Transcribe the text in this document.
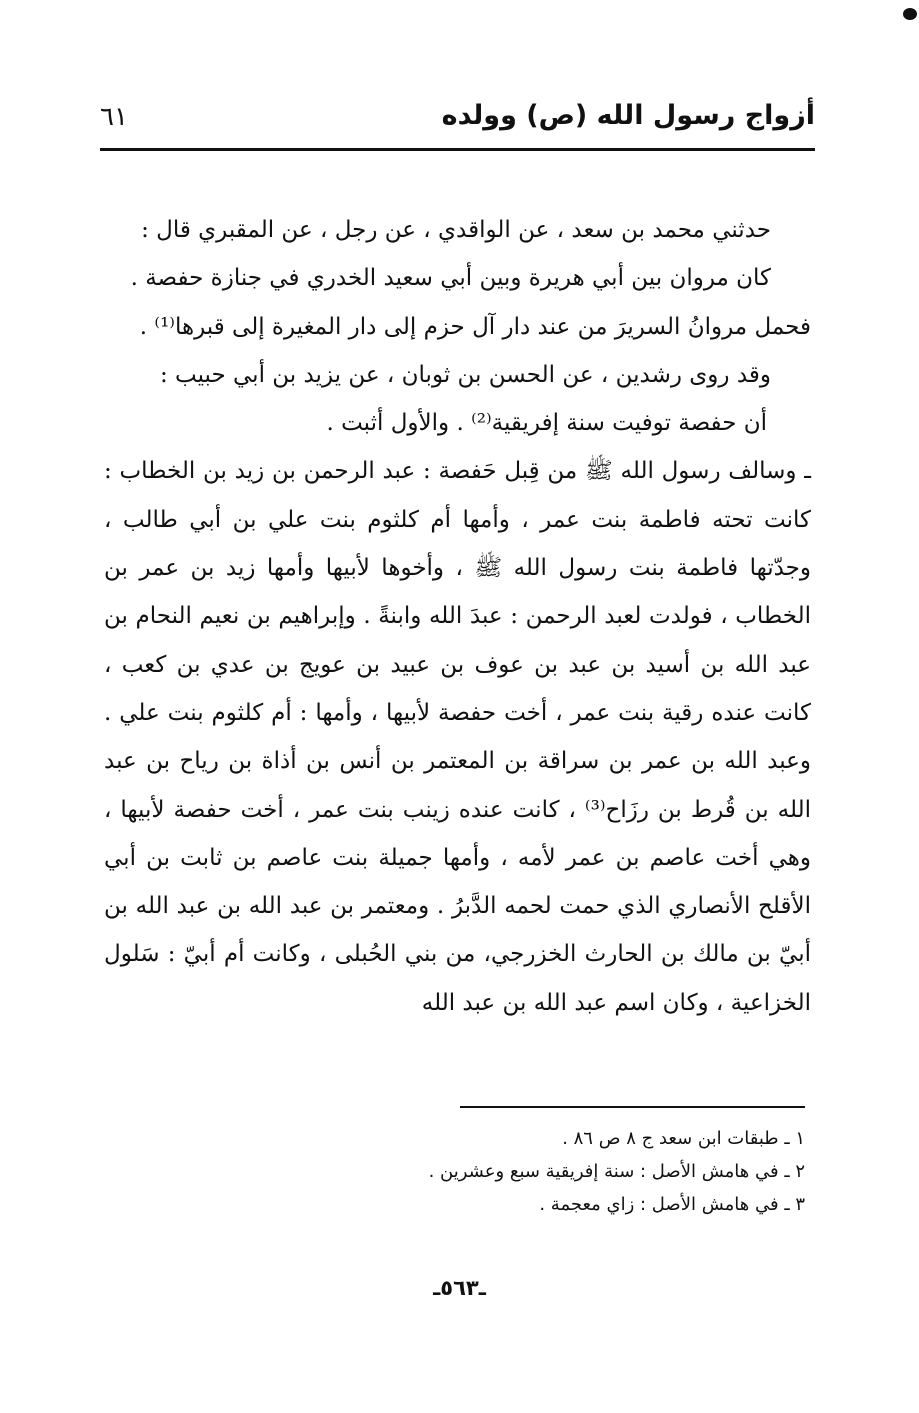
أزواج رسول الله (ص) وولده
٦١

حدثني محمد بن سعد ، عن الواقدي ، عن رجل ، عن المقبري قال :

كان مروان بين أبي هريرة وبين أبي سعيد الخدري في جنازة حفصة .

فحمل مروانُ السريرَ من عند دار آل حزم إلى دار المغيرة إلى قبرها⁽¹⁾ .

وقد روى رشدين ، عن الحسن بن ثوبان ، عن يزيد بن أبي حبيب :

أن حفصة توفيت سنة إفريقية⁽²⁾ . والأول أثبت .

ـ وسالف رسول الله ﷺ من قِبل حَفصة : عبد الرحمن بن زيد بن الخطاب : كانت تحته فاطمة بنت عمر ، وأمها أم كلثوم بنت علي بن أبي طالب ، وجدّتها فاطمة بنت رسول الله ﷺ ، وأخوها لأبيها وأمها زيد بن عمر بن الخطاب ، فولدت لعبد الرحمن : عبدَ الله وابنةً . وإبراهيم بن نعيم النحام بن عبد الله بن أسيد بن عبد بن عوف بن عبيد بن عويج بن عدي بن كعب ، كانت عنده رقية بنت عمر ، أخت حفصة لأبيها ، وأمها : أم كلثوم بنت علي . وعبد الله بن عمر بن سراقة بن المعتمر بن أنس بن أذاة بن رياح بن عبد الله بن قُرط بن رزَاح⁽³⁾ ، كانت عنده زينب بنت عمر ، أخت حفصة لأبيها ، وهي أخت عاصم بن عمر لأمه ، وأمها جميلة بنت عاصم بن ثابت بن أبي الأقلح الأنصاري الذي حمت لحمه الدَّبرُ . ومعتمر بن عبد الله بن عبد الله بن أبيّ بن مالك بن الحارث الخزرجي، من بني الحُبلى ، وكانت أم أبيّ : سَلول الخزاعية ، وكان اسم عبد الله بن عبد الله

١ ـ طبقات ابن سعد ج ٨ ص ٨٦ .
٢ ـ في هامش الأصل : سنة إفريقية سبع وعشرين .
٣ ـ في هامش الأصل : زاي معجمة .
ـ٥٦٣ـ
